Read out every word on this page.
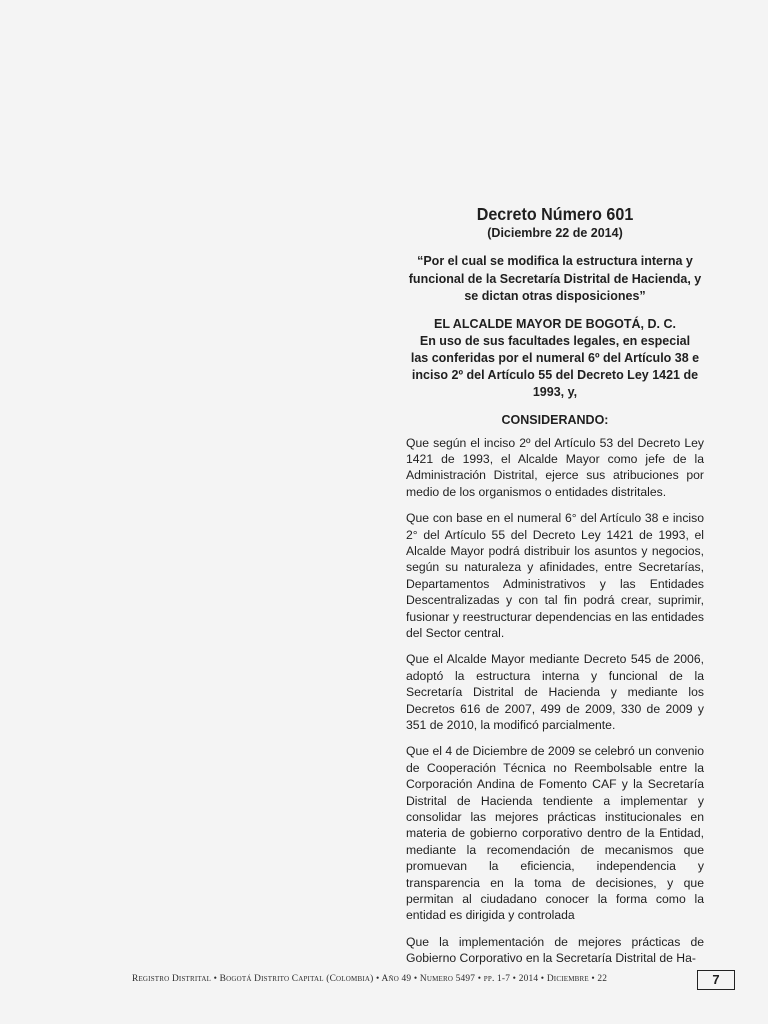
Decreto Número 601
(Diciembre 22 de 2014)
“Por el cual se modifica la estructura interna y
funcional de la Secretaría Distrital de Hacienda, y
se dictan otras disposiciones”
EL ALCALDE MAYOR DE BOGOTÁ, D. C.
En uso de sus facultades legales, en especial
las conferidas por el numeral 6º del Artículo 38 e
inciso 2º del Artículo 55 del Decreto Ley 1421 de
1993, y,
CONSIDERANDO:

Que según el inciso 2º del Artículo 53 del Decreto Ley 1421 de 1993, el Alcalde Mayor como jefe de la Administración Distrital, ejerce sus atribuciones por medio de los organismos o entidades distritales.

Que con base en el numeral 6° del Artículo 38 e inciso 2° del Artículo 55 del Decreto Ley 1421 de 1993, el Alcalde Mayor podrá distribuir los asuntos y negocios, según su naturaleza y afinidades, entre Secretarías, Departamentos Administrativos y las Entidades Descentralizadas y con tal fin podrá crear, suprimir, fusionar y reestructurar dependencias en las entidades del Sector central.

Que el Alcalde Mayor mediante Decreto 545 de 2006, adoptó la estructura interna y funcional de la Secretaría Distrital de Hacienda y mediante los Decretos 616 de 2007, 499 de 2009, 330 de 2009 y 351 de 2010, la modificó parcialmente.

Que el 4 de Diciembre de 2009 se celebró un convenio de Cooperación Técnica no Reembolsable entre la Corporación Andina de Fomento CAF y la Secretaría Distrital de Hacienda tendiente a implementar y consolidar las mejores prácticas institucionales en materia de gobierno corporativo dentro de la Entidad, mediante la recomendación de mecanismos que promuevan la eficiencia, independencia y transparencia en la toma de decisiones, y que permitan al ciudadano conocer la forma como la entidad es dirigida y controlada

Que la implementación de mejores prácticas de Gobierno Corporativo en la Secretaría Distrital de Ha-

Registro Distrital • Bogotá Distrito Capital (Colombia) • Año 49 • Numero 5497 • pp. 1-7 • 2014 • Diciembre • 22	7
